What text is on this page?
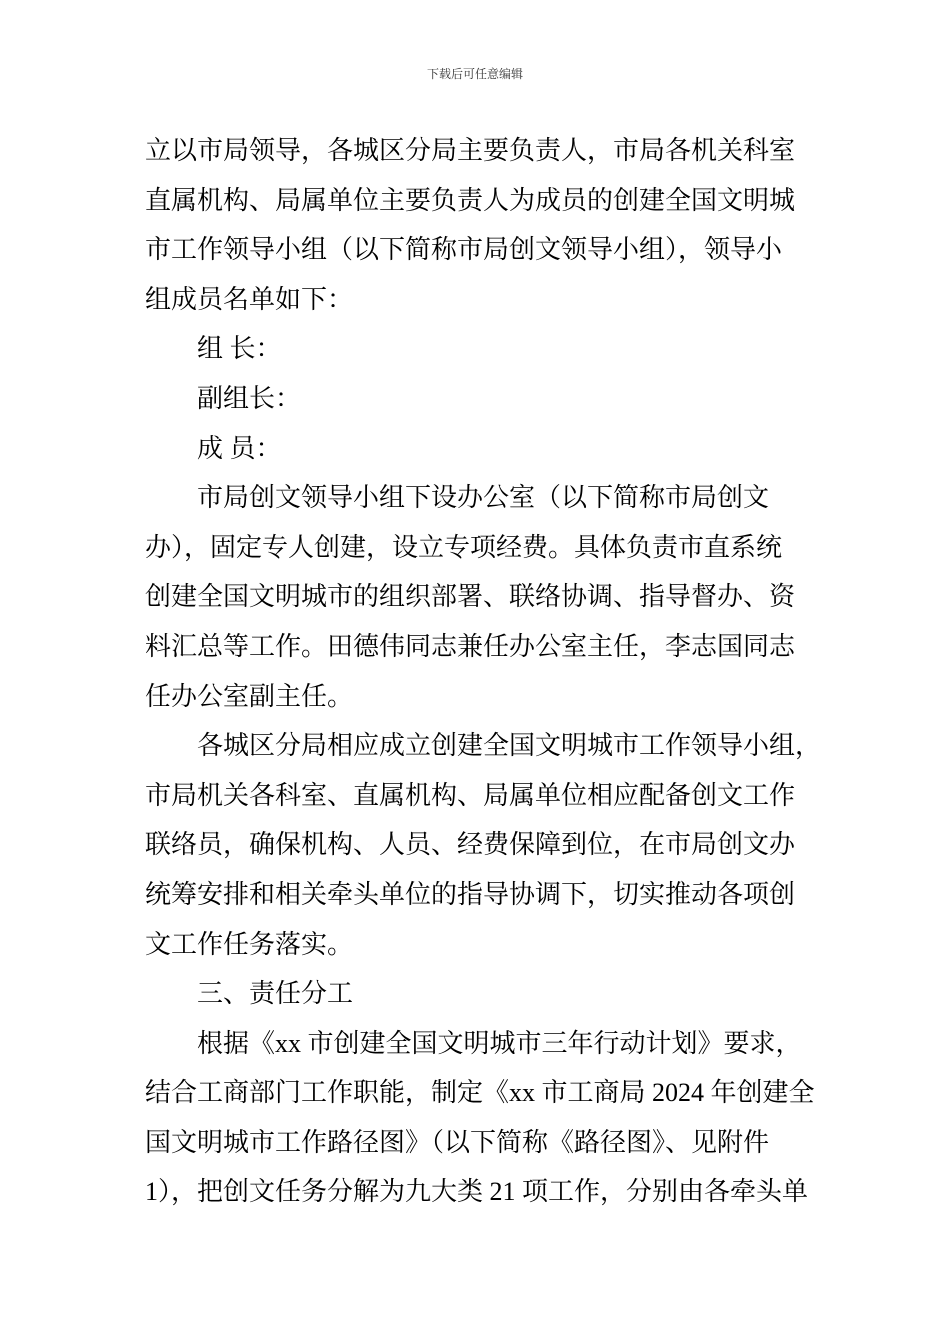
下载后可任意编辑
立以市局领导，各城区分局主要负责人，市局各机关科室
直属机构、局属单位主要负责人为成员的创建全国文明城
市工作领导小组（以下简称市局创文领导小组），领导小
组成员名单如下：
组 长：
副组长：
成 员：
市局创文领导小组下设办公室（以下简称市局创文
办），固定专人创建，设立专项经费。具体负责市直系统
创建全国文明城市的组织部署、联络协调、指导督办、资
料汇总等工作。田德伟同志兼任办公室主任，李志国同志
任办公室副主任。
各城区分局相应成立创建全国文明城市工作领导小组，
市局机关各科室、直属机构、局属单位相应配备创文工作
联络员，确保机构、人员、经费保障到位，在市局创文办
统筹安排和相关牵头单位的指导协调下，切实推动各项创
文工作任务落实。
三、责任分工
根据《xx 市创建全国文明城市三年行动计划》要求，
结合工商部门工作职能，制定《xx 市工商局 2024 年创建全
国文明城市工作路径图》（以下简称《路径图》、见附件
1），把创文任务分解为九大类 21 项工作，分别由各牵头单
